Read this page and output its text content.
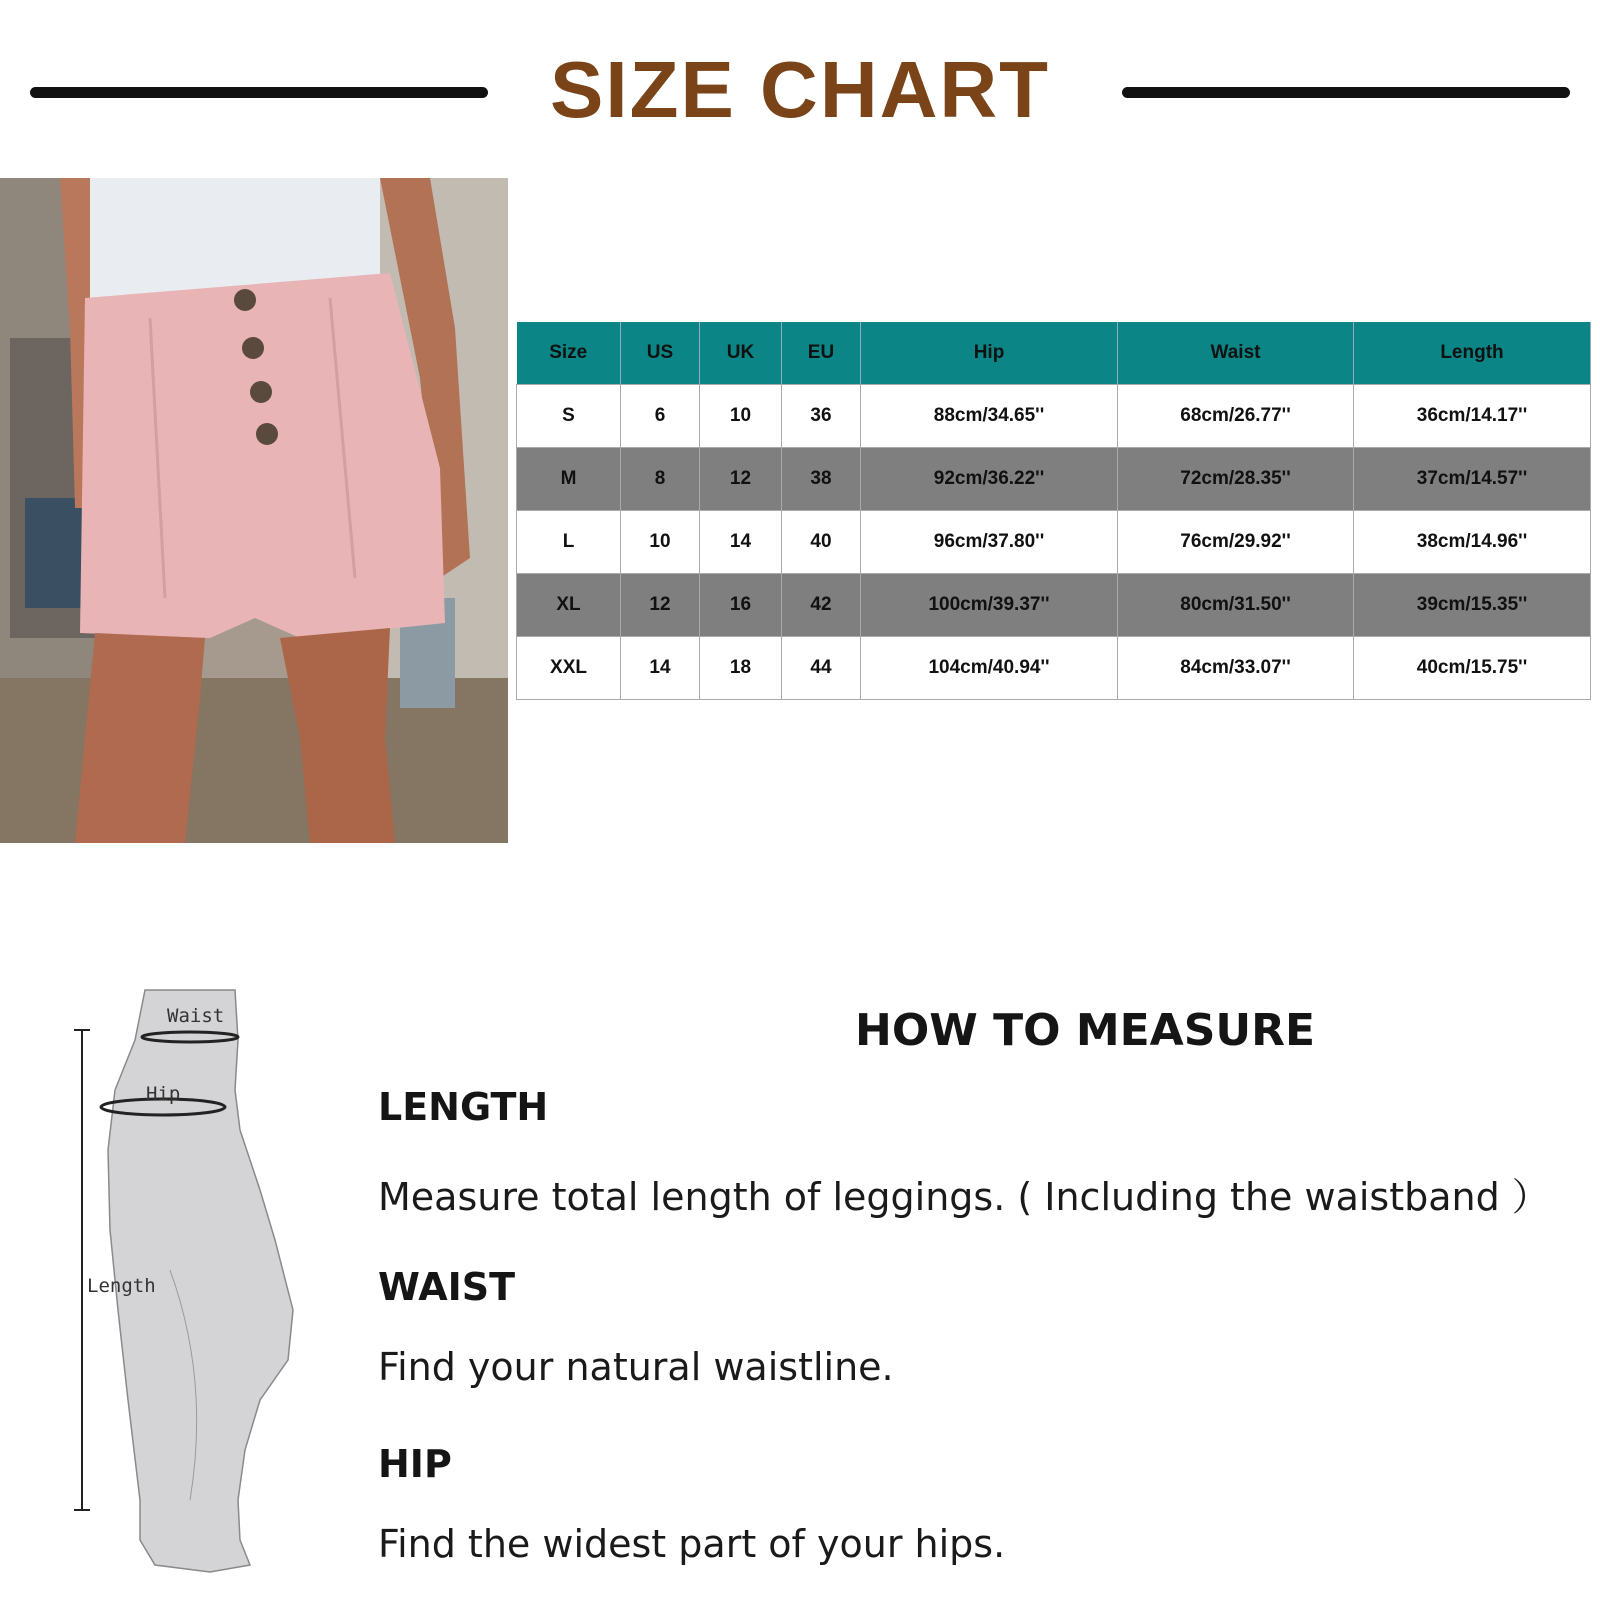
SIZE CHART
Size	US	UK	EU	Hip	Waist	Length
S	6	10	36	88cm/34.65''	68cm/26.77''	36cm/14.17''
M	8	12	38	92cm/36.22''	72cm/28.35''	37cm/14.57''
L	10	14	40	96cm/37.80''	76cm/29.92''	38cm/14.96''
XL	12	16	42	100cm/39.37''	80cm/31.50''	39cm/15.35''
XXL	14	18	44	104cm/40.94''	84cm/33.07''	40cm/15.75''
Waist
Hip
Length
HOW TO MEASURE
LENGTH
Measure total length of leggings. ( Including the waistband ）
WAIST
Find your natural waistline.
HIP
Find the widest part of your hips.
